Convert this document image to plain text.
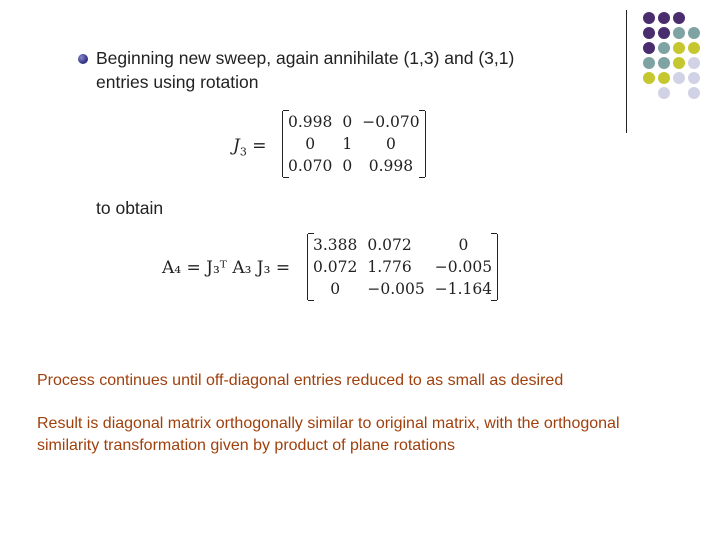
Beginning new sweep, again annihilate (1,3) and (3,1) entries using rotation
$J_3$ =
0.998	0	−0.070
0	1	0
0.070	0	0.998
to obtain
A₄ = J₃ᵀ A₃ J₃ =
3.388	0.072	0
0.072	1.776	−0.005
0	−0.005	−1.164
Process continues until off-diagonal entries reduced to as small as desired
Result is diagonal matrix orthogonally similar to original matrix, with the orthogonal similarity transformation given by product of plane rotations
